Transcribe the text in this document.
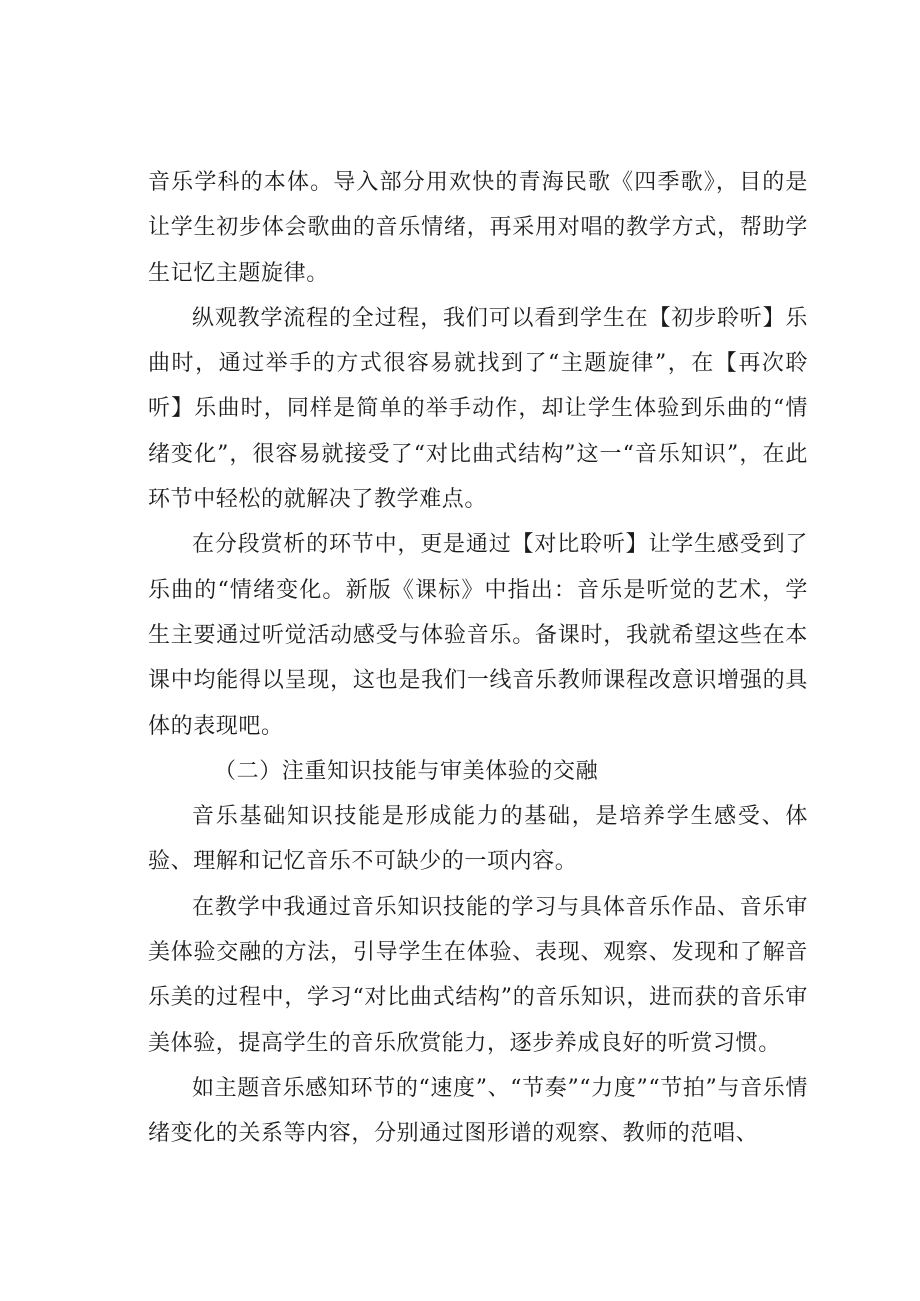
音乐学科的本体。导入部分用欢快的青海民歌《四季歌》，目的是让学生初步体会歌曲的音乐情绪，再采用对唱的教学方式，帮助学生记忆主题旋律。

纵观教学流程的全过程，我们可以看到学生在【初步聆听】乐曲时，通过举手的方式很容易就找到了“主题旋律”，在【再次聆听】乐曲时，同样是简单的举手动作，却让学生体验到乐曲的“情绪变化”，很容易就接受了“对比曲式结构”这一“音乐知识”，在此环节中轻松的就解决了教学难点。

在分段赏析的环节中，更是通过【对比聆听】让学生感受到了乐曲的“情绪变化。新版《课标》中指出：音乐是听觉的艺术，学生主要通过听觉活动感受与体验音乐。备课时，我就希望这些在本课中均能得以呈现，这也是我们一线音乐教师课程改意识增强的具体的表现吧。

（二）注重知识技能与审美体验的交融

音乐基础知识技能是形成能力的基础，是培养学生感受、体验、理解和记忆音乐不可缺少的一项内容。

在教学中我通过音乐知识技能的学习与具体音乐作品、音乐审美体验交融的方法，引导学生在体验、表现、观察、发现和了解音乐美的过程中，学习“对比曲式结构”的音乐知识，进而获的音乐审美体验，提高学生的音乐欣赏能力，逐步养成良好的听赏习惯。

如主题音乐感知环节的“速度”、“节奏”“力度”“节拍”与音乐情绪变化的关系等内容，分别通过图形谱的观察、教师的范唱、
